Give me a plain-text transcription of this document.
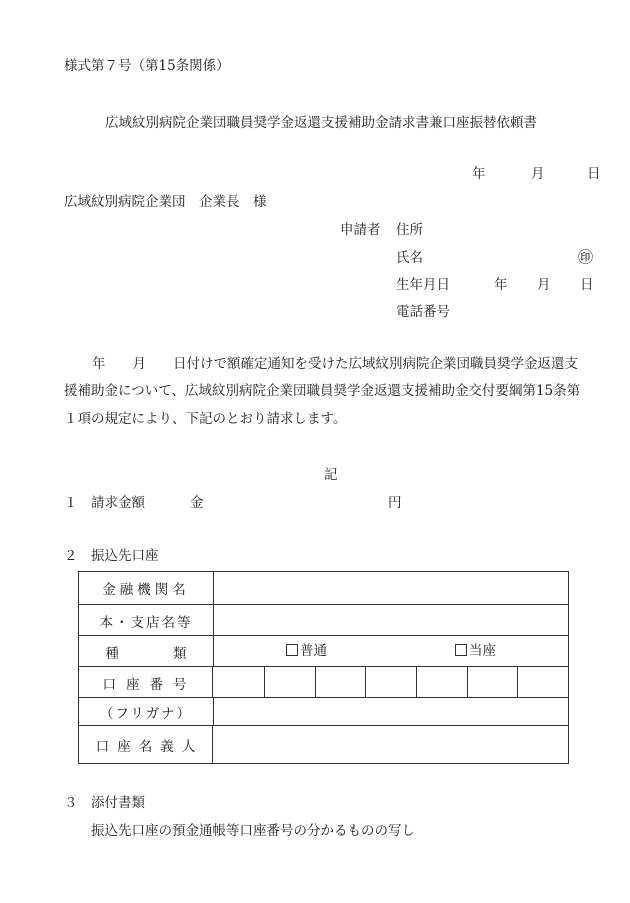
様式第７号（第15条関係）
広域紋別病院企業団職員奨学金返還支援補助金請求書兼口座振替依頼書
年	月	日
広域紋別病院企業団　企業長　様
申請者 住所
氏名	㊞
生年月日	年 月 日
電話番号
年　　月　　日付けで額確定通知を受けた広域紋別病院企業団職員奨学金返還支
援補助金について、広域紋別病院企業団職員奨学金返還支援補助金交付要綱第15条第
１項の規定により、下記のとおり請求します。
記
１ 請求金額	金	円
２ 振込先口座
金融機関名
本・支店名等
種　　　　類	普通	当座
口座番号
（フリガナ）
口座名義人
３ 添付書類
振込先口座の預金通帳等口座番号の分かるものの写し
